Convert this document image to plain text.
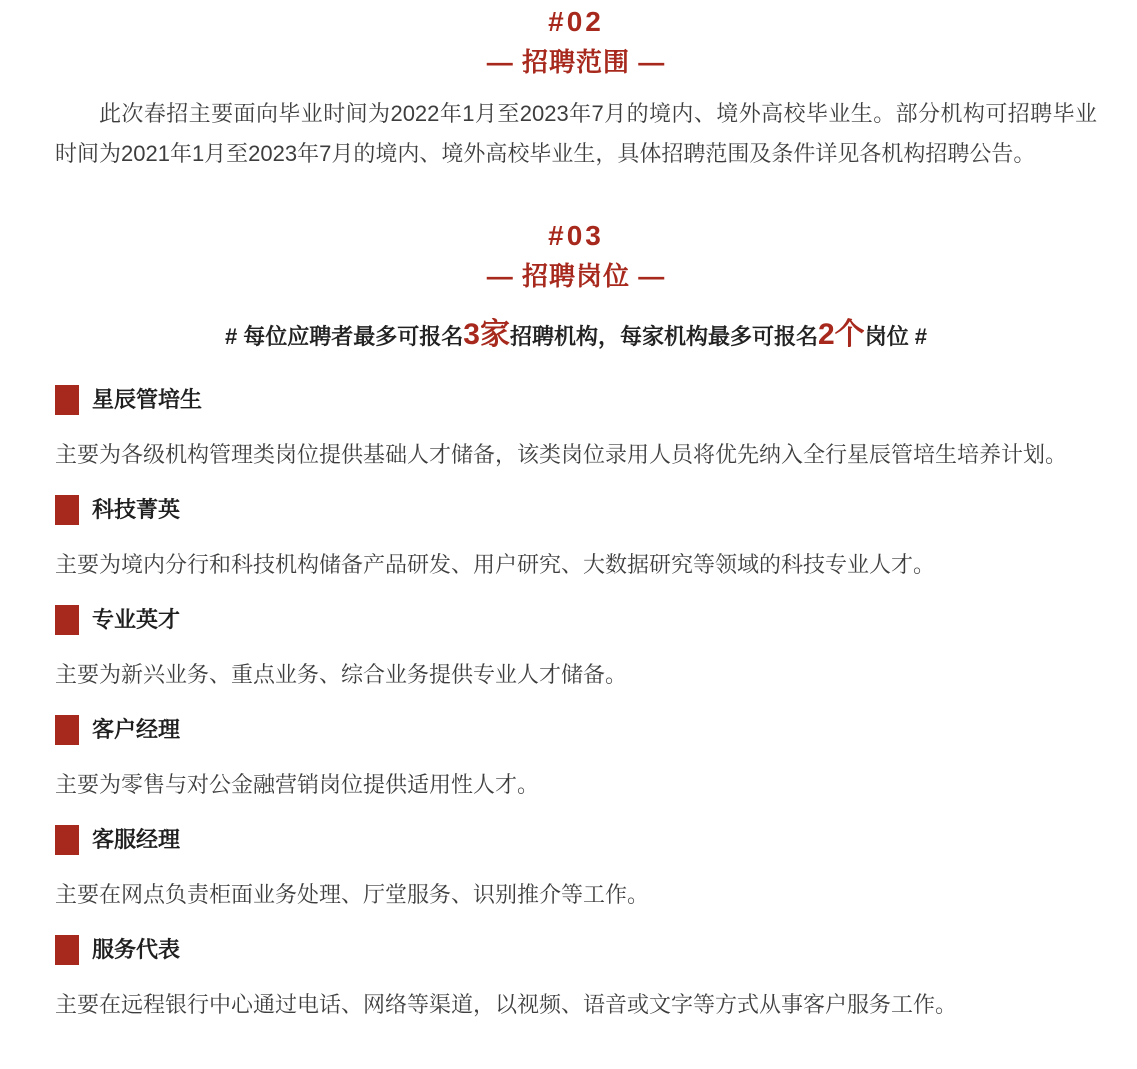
#02
— 招聘范围 —

此次春招主要面向毕业时间为2022年1月至2023年7月的境内、境外高校毕业生。部分机构可招聘毕业时间为2021年1月至2023年7月的境内、境外高校毕业生，具体招聘范围及条件详见各机构招聘公告。

#03
— 招聘岗位 —
# 每位应聘者最多可报名3家招聘机构，每家机构最多可报名2个岗位 #
星辰管培生

主要为各级机构管理类岗位提供基础人才储备，该类岗位录用人员将优先纳入全行星辰管培生培养计划。

科技菁英

主要为境内分行和科技机构储备产品研发、用户研究、大数据研究等领域的科技专业人才。

专业英才

主要为新兴业务、重点业务、综合业务提供专业人才储备。

客户经理

主要为零售与对公金融营销岗位提供适用性人才。

客服经理

主要在网点负责柜面业务处理、厅堂服务、识别推介等工作。

服务代表

主要在远程银行中心通过电话、网络等渠道，以视频、语音或文字等方式从事客户服务工作。
